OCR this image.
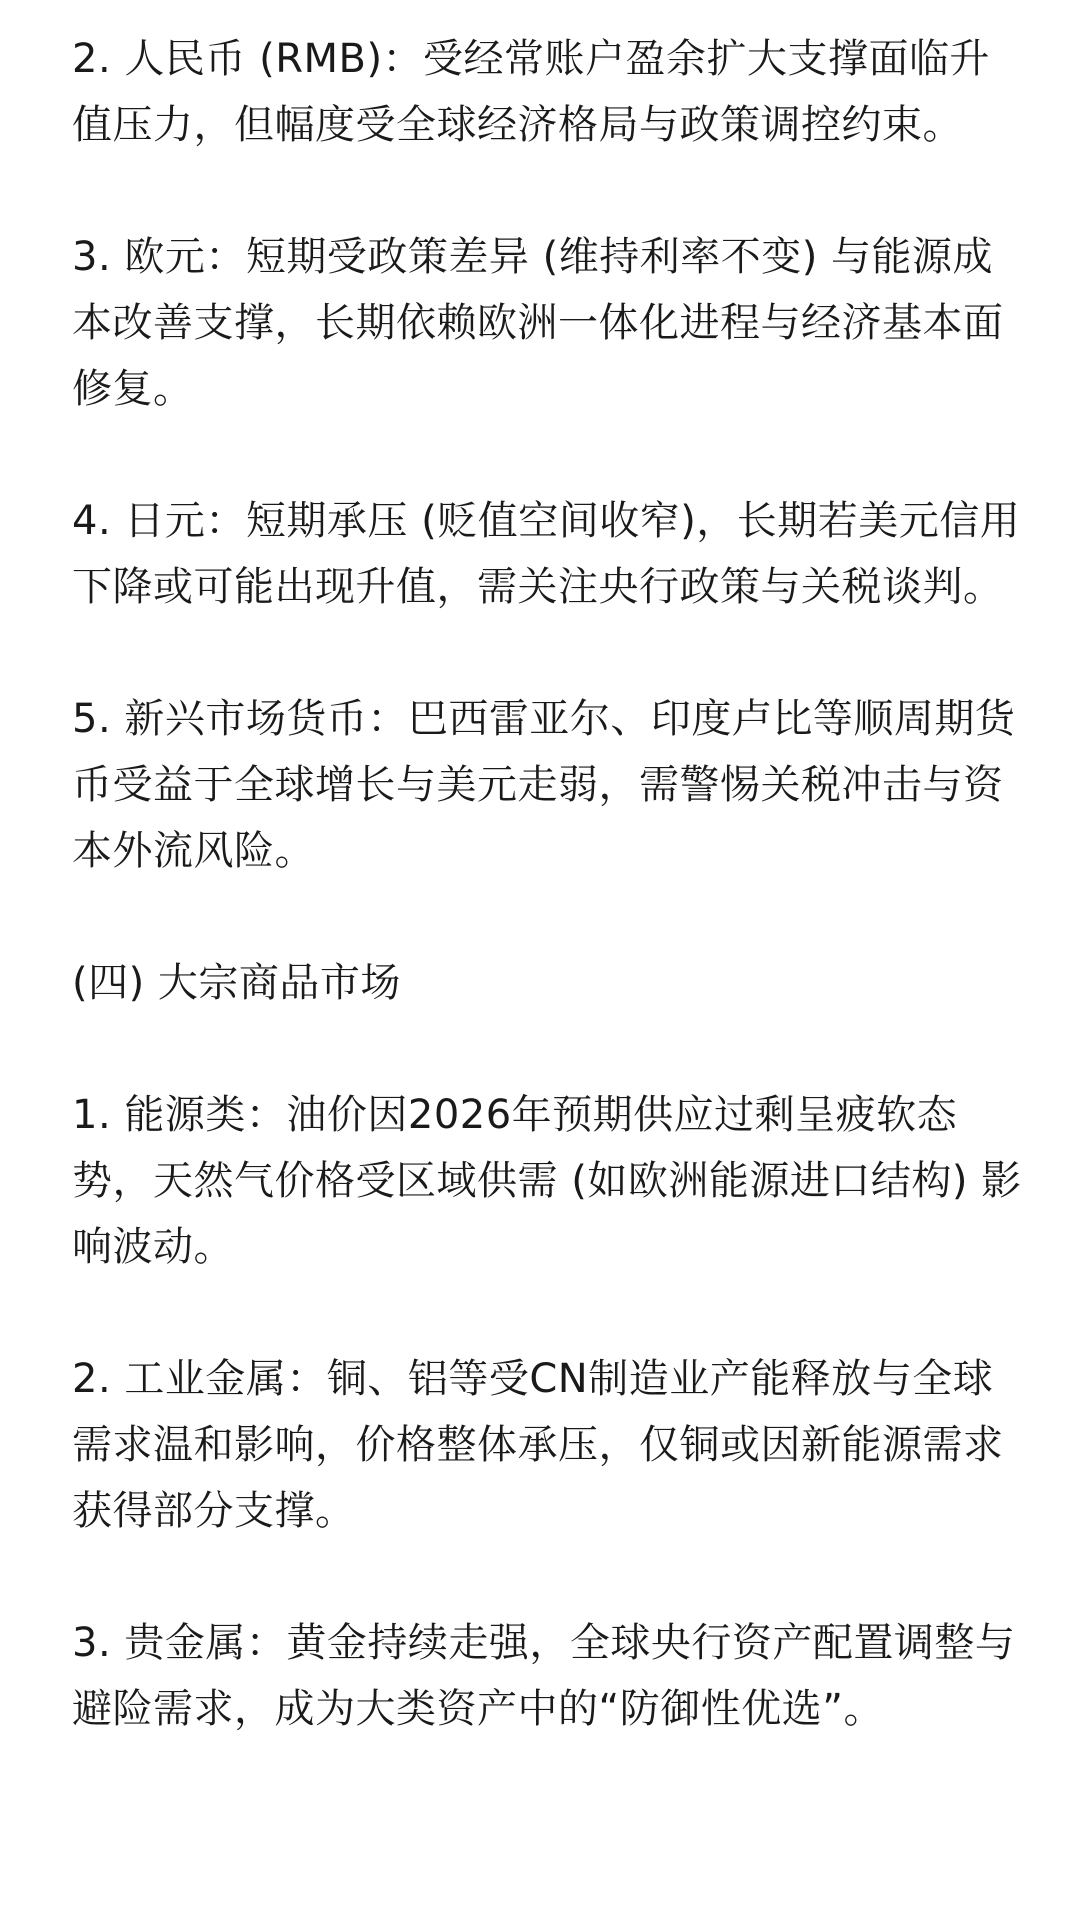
2. 人民币 (RMB)：受经常账户盈余扩大支撑面临升值压力，但幅度受全球经济格局与政策调控约束。

3. 欧元：短期受政策差异 (维持利率不变) 与能源成本改善支撑，长期依赖欧洲一体化进程与经济基本面修复。

4. 日元：短期承压 (贬值空间收窄)，长期若美元信用下降或可能出现升值，需关注央行政策与关税谈判。

5. 新兴市场货币：巴西雷亚尔、印度卢比等顺周期货币受益于全球增长与美元走弱，需警惕关税冲击与资本外流风险。

(四) 大宗商品市场

1. 能源类：油价因2026年预期供应过剩呈疲软态势，天然气价格受区域供需 (如欧洲能源进口结构) 影响波动。

2. 工业金属：铜、铝等受CN制造业产能释放与全球需求温和影响，价格整体承压，仅铜或因新能源需求获得部分支撑。

3. 贵金属：黄金持续走强，全球央行资产配置调整与避险需求，成为大类资产中的“防御性优选”。
